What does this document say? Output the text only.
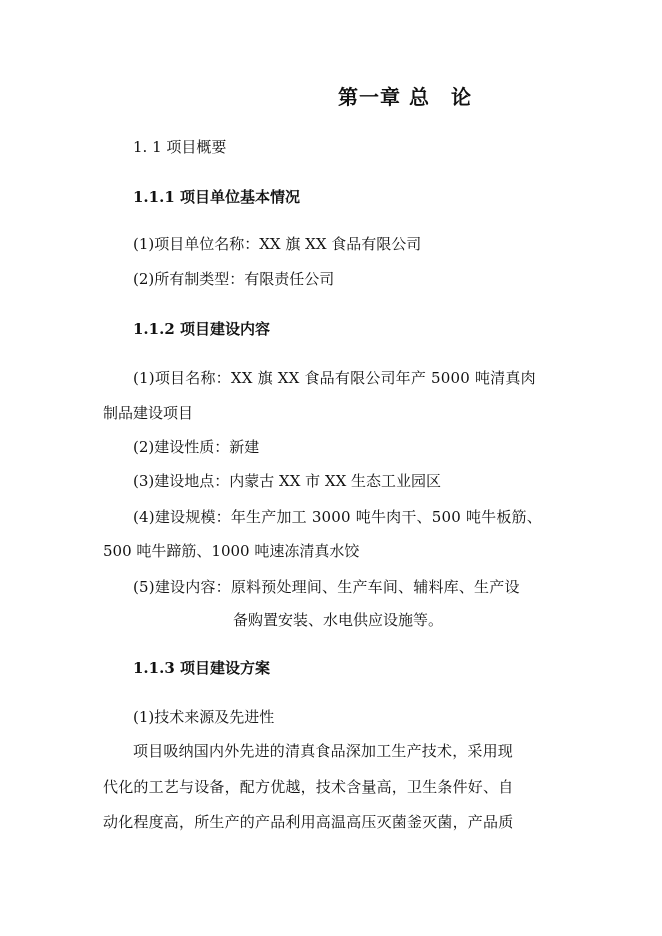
第一章 总　论
1. 1 项目概要
1.1.1 项目单位基本情况
(1)项目单位名称：XX 旗 XX 食品有限公司
(2)所有制类型：有限责任公司
1.1.2 项目建设内容
(1)项目名称：XX 旗 XX 食品有限公司年产 5000 吨清真肉
制品建设项目
(2)建设性质：新建
(3)建设地点：内蒙古 XX 市 XX 生态工业园区
(4)建设规模：年生产加工 3000 吨牛肉干、500 吨牛板筋、
500 吨牛蹄筋、1000 吨速冻清真水饺
(5)建设内容：原料预处理间、生产车间、辅料库、生产设
备购置安装、水电供应设施等。
1.1.3 项目建设方案
(1)技术来源及先进性
项目吸纳国内外先进的清真食品深加工生产技术，采用现
代化的工艺与设备，配方优越，技术含量高，卫生条件好、自
动化程度高，所生产的产品利用高温高压灭菌釜灭菌，产品质
